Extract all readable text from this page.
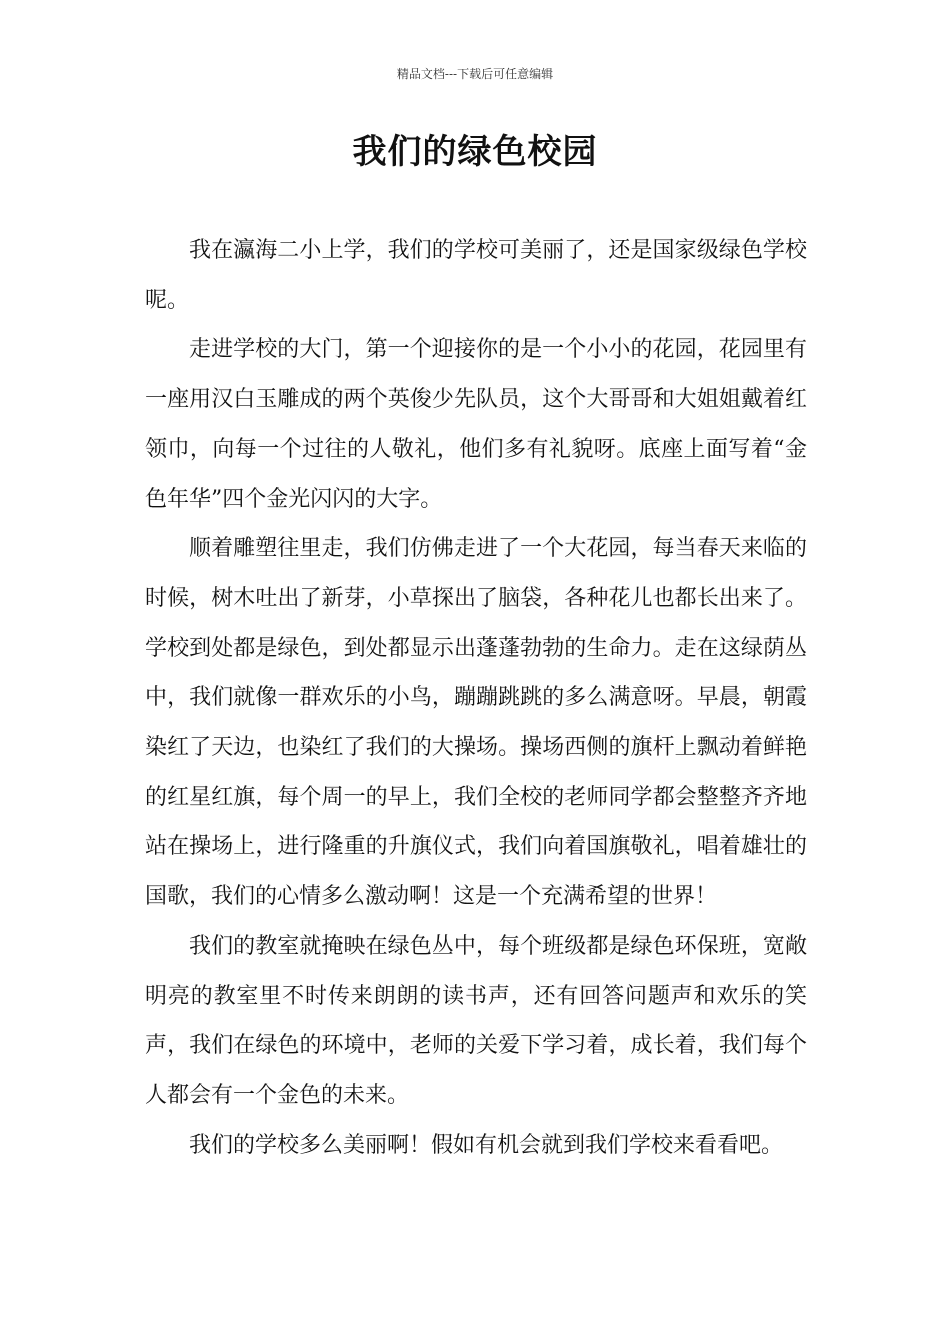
精品文档---下载后可任意编辑
我们的绿色校园

我在瀛海二小上学，我们的学校可美丽了，还是国家级绿色学校呢。

走进学校的大门，第一个迎接你的是一个小小的花园，花园里有一座用汉白玉雕成的两个英俊少先队员，这个大哥哥和大姐姐戴着红领巾，向每一个过往的人敬礼，他们多有礼貌呀。底座上面写着“金色年华”四个金光闪闪的大字。

顺着雕塑往里走，我们仿佛走进了一个大花园，每当春天来临的时候，树木吐出了新芽，小草探出了脑袋，各种花儿也都长出来了。学校到处都是绿色，到处都显示出蓬蓬勃勃的生命力。走在这绿荫丛中，我们就像一群欢乐的小鸟，蹦蹦跳跳的多么满意呀。早晨，朝霞染红了天边，也染红了我们的大操场。操场西侧的旗杆上飘动着鲜艳的红星红旗，每个周一的早上，我们全校的老师同学都会整整齐齐地站在操场上，进行隆重的升旗仪式，我们向着国旗敬礼，唱着雄壮的国歌，我们的心情多么激动啊！这是一个充满希望的世界！

我们的教室就掩映在绿色丛中，每个班级都是绿色环保班，宽敞明亮的教室里不时传来朗朗的读书声，还有回答问题声和欢乐的笑声，我们在绿色的环境中，老师的关爱下学习着，成长着，我们每个人都会有一个金色的未来。

我们的学校多么美丽啊！假如有机会就到我们学校来看看吧。
